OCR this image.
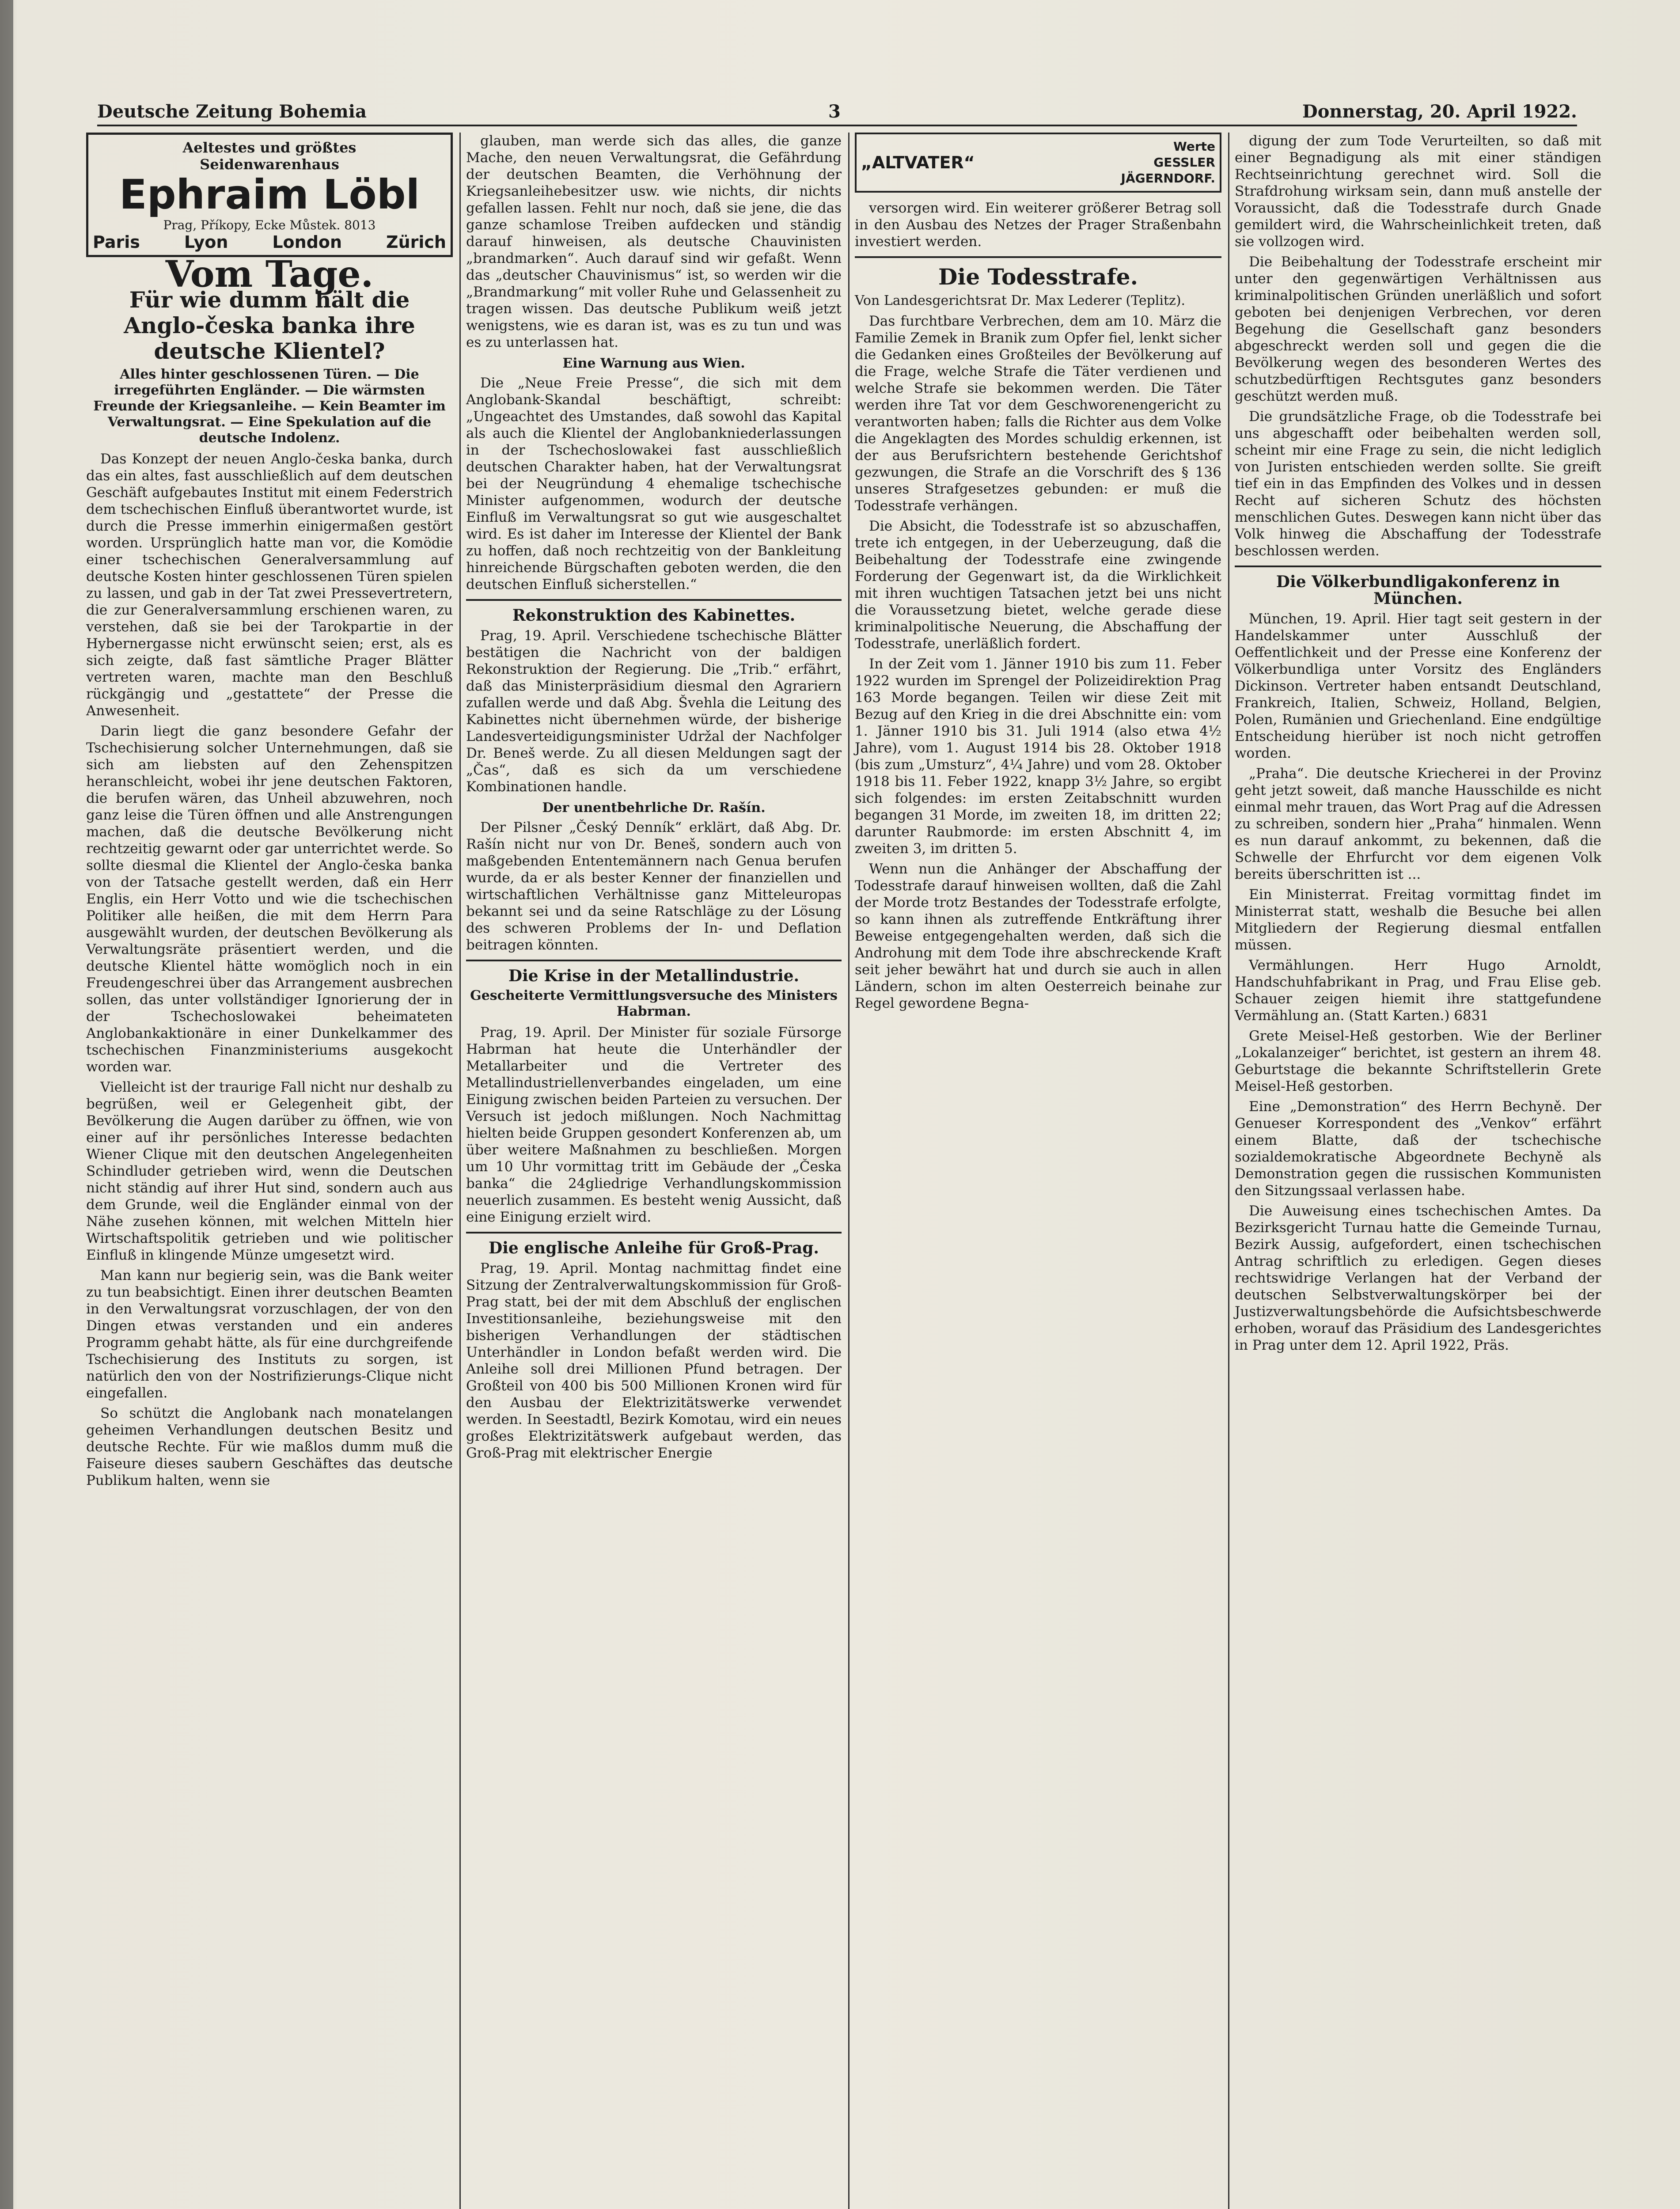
Deutsche Zeitung Bohemia	3	Donnerstag, 20. April 1922.
Aeltestes und größtes
Seidenwarenhaus
Ephraim Löbl
Prag, Příkopy, Ecke Můstek. 8013
Paris	Lyon	London	Zürich
Vom Tage.
Für wie dumm hält die Anglo-česka banka ihre deutsche Klientel?
Alles hinter geschlossenen Türen. — Die irregeführten Engländer. — Die wärmsten Freunde der Kriegsanleihe. — Kein Beamter im Verwaltungsrat. — Eine Spekulation auf die deutsche Indolenz.

Das Konzept der neuen Anglo-česka banka, durch das ein altes, fast ausschließlich auf dem deutschen Geschäft aufgebautes Institut mit einem Federstrich dem tschechischen Einfluß überantwortet wurde, ist durch die Presse immerhin einigermaßen gestört worden. Ursprünglich hatte man vor, die Komödie einer tschechischen Generalversammlung auf deutsche Kosten hinter geschlossenen Türen spielen zu lassen, und gab in der Tat zwei Pressevertretern, die zur Generalversammlung erschienen waren, zu verstehen, daß sie bei der Tarokpartie in der Hybernergasse nicht erwünscht seien; erst, als es sich zeigte, daß fast sämtliche Prager Blätter vertreten waren, machte man den Beschluß rückgängig und „gestattete“ der Presse die Anwesenheit.

Darin liegt die ganz besondere Gefahr der Tschechisierung solcher Unternehmungen, daß sie sich am liebsten auf den Zehenspitzen heranschleicht, wobei ihr jene deutschen Faktoren, die berufen wären, das Unheil abzuwehren, noch ganz leise die Türen öffnen und alle Anstrengungen machen, daß die deutsche Bevölkerung nicht rechtzeitig gewarnt oder gar unterrichtet werde. So sollte diesmal die Klientel der Anglo-česka banka von der Tatsache gestellt werden, daß ein Herr Englis, ein Herr Votto und wie die tschechischen Politiker alle heißen, die mit dem Herrn Para ausgewählt wurden, der deutschen Bevölkerung als Verwaltungsräte präsentiert werden, und die deutsche Klientel hätte womöglich noch in ein Freudengeschrei über das Arrangement ausbrechen sollen, das unter vollständiger Ignorierung der in der Tschechoslowakei beheimateten Anglobankaktionäre in einer Dunkelkammer des tschechischen Finanzministeriums ausgekocht worden war.

Vielleicht ist der traurige Fall nicht nur deshalb zu begrüßen, weil er Gelegenheit gibt, der Bevölkerung die Augen darüber zu öffnen, wie von einer auf ihr persönliches Interesse bedachten Wiener Clique mit den deutschen Angelegenheiten Schindluder getrieben wird, wenn die Deutschen nicht ständig auf ihrer Hut sind, sondern auch aus dem Grunde, weil die Engländer einmal von der Nähe zusehen können, mit welchen Mitteln hier Wirtschaftspolitik getrieben und wie politischer Einfluß in klingende Münze umgesetzt wird.

Man kann nur begierig sein, was die Bank weiter zu tun beabsichtigt. Einen ihrer deutschen Beamten in den Verwaltungsrat vorzuschlagen, der von den Dingen etwas verstanden und ein anderes Programm gehabt hätte, als für eine durchgreifende Tschechisierung des Instituts zu sorgen, ist natürlich den von der Nostrifizierungs-Clique nicht eingefallen.

So schützt die Anglobank nach monatelangen geheimen Verhandlungen deutschen Besitz und deutsche Rechte. Für wie maßlos dumm muß die Faiseure dieses saubern Geschäftes das deutsche Publikum halten, wenn sie

glauben, man werde sich das alles, die ganze Mache, den neuen Verwaltungsrat, die Gefährdung der deutschen Beamten, die Verhöhnung der Kriegsanleihebesitzer usw. wie nichts, dir nichts gefallen lassen. Fehlt nur noch, daß sie jene, die das ganze schamlose Treiben aufdecken und ständig darauf hinweisen, als deutsche Chauvinisten „brandmarken“. Auch darauf sind wir gefaßt. Wenn das „deutscher Chauvinismus“ ist, so werden wir die „Brandmarkung“ mit voller Ruhe und Gelassenheit zu tragen wissen. Das deutsche Publikum weiß jetzt wenigstens, wie es daran ist, was es zu tun und was es zu unterlassen hat.

Eine Warnung aus Wien.

Die „Neue Freie Presse“, die sich mit dem Anglobank-Skandal beschäftigt, schreibt: „Ungeachtet des Umstandes, daß sowohl das Kapital als auch die Klientel der Anglobankniederlassungen in der Tschechoslowakei fast ausschließlich deutschen Charakter haben, hat der Verwaltungsrat bei der Neugründung 4 ehemalige tschechische Minister aufgenommen, wodurch der deutsche Einfluß im Verwaltungsrat so gut wie ausgeschaltet wird. Es ist daher im Interesse der Klientel der Bank zu hoffen, daß noch rechtzeitig von der Bankleitung hinreichende Bürgschaften geboten werden, die den deutschen Einfluß sicherstellen.“

Rekonstruktion des Kabinettes.

Prag, 19. April. Verschiedene tschechische Blätter bestätigen die Nachricht von der baldigen Rekonstruktion der Regierung. Die „Trib.“ erfährt, daß das Ministerpräsidium diesmal den Agrariern zufallen werde und daß Abg. Švehla die Leitung des Kabinettes nicht übernehmen würde, der bisherige Landesverteidigungsminister Udržal der Nachfolger Dr. Beneš werde. Zu all diesen Meldungen sagt der „Čas“, daß es sich da um verschiedene Kombinationen handle.

Der unentbehrliche Dr. Rašín.

Der Pilsner „Český Denník“ erklärt, daß Abg. Dr. Rašín nicht nur von Dr. Beneš, sondern auch von maßgebenden Ententemännern nach Genua berufen wurde, da er als bester Kenner der finanziellen und wirtschaftlichen Verhältnisse ganz Mitteleuropas bekannt sei und da seine Ratschläge zu der Lösung des schweren Problems der In- und Deflation beitragen könnten.

Die Krise in der Metallindustrie.
Gescheiterte Vermittlungsversuche des Ministers Habrman.

Prag, 19. April. Der Minister für soziale Fürsorge Habrman hat heute die Unterhändler der Metallarbeiter und die Vertreter des Metallindustriellenverbandes eingeladen, um eine Einigung zwischen beiden Parteien zu versuchen. Der Versuch ist jedoch mißlungen. Noch Nachmittag hielten beide Gruppen gesondert Konferenzen ab, um über weitere Maßnahmen zu beschließen. Morgen um 10 Uhr vormittag tritt im Gebäude der „Česka banka“ die 24gliedrige Verhandlungskommission neuerlich zusammen. Es besteht wenig Aussicht, daß eine Einigung erzielt wird.

Die englische Anleihe für Groß-Prag.

Prag, 19. April. Montag nachmittag findet eine Sitzung der Zentralverwaltungskommission für Groß-Prag statt, bei der mit dem Abschluß der englischen Investitionsanleihe, beziehungsweise mit den bisherigen Verhandlungen der städtischen Unterhändler in London befaßt werden wird. Die Anleihe soll drei Millionen Pfund betragen. Der Großteil von 400 bis 500 Millionen Kronen wird für den Ausbau der Elektrizitätswerke verwendet werden. In Seestadtl, Bezirk Komotau, wird ein neues großes Elektrizitätswerk aufgebaut werden, das Groß-Prag mit elektrischer Energie

„ALTVATER“
Werte
GESSLER
JÄGERNDORF.

versorgen wird. Ein weiterer größerer Betrag soll in den Ausbau des Netzes der Prager Straßenbahn investiert werden.

Die Todesstrafe.

Von Landesgerichtsrat Dr. Max Lederer (Teplitz).

Das furchtbare Verbrechen, dem am 10. März die Familie Zemek in Branik zum Opfer fiel, lenkt sicher die Gedanken eines Großteiles der Bevölkerung auf die Frage, welche Strafe die Täter verdienen und welche Strafe sie bekommen werden. Die Täter werden ihre Tat vor dem Geschworenengericht zu verantworten haben; falls die Richter aus dem Volke die Angeklagten des Mordes schuldig erkennen, ist der aus Berufsrichtern bestehende Gerichtshof gezwungen, die Strafe an die Vorschrift des § 136 unseres Strafgesetzes gebunden: er muß die Todesstrafe verhängen.

Die Absicht, die Todesstrafe ist so abzuschaffen, trete ich entgegen, in der Ueberzeugung, daß die Beibehaltung der Todesstrafe eine zwingende Forderung der Gegenwart ist, da die Wirklichkeit mit ihren wuchtigen Tatsachen jetzt bei uns nicht die Voraussetzung bietet, welche gerade diese kriminalpolitische Neuerung, die Abschaffung der Todesstrafe, unerläßlich fordert.

In der Zeit vom 1. Jänner 1910 bis zum 11. Feber 1922 wurden im Sprengel der Polizeidirektion Prag 163 Morde begangen. Teilen wir diese Zeit mit Bezug auf den Krieg in die drei Abschnitte ein: vom 1. Jänner 1910 bis 31. Juli 1914 (also etwa 4½ Jahre), vom 1. August 1914 bis 28. Oktober 1918 (bis zum „Umsturz“, 4¼ Jahre) und vom 28. Oktober 1918 bis 11. Feber 1922, knapp 3½ Jahre, so ergibt sich folgendes: im ersten Zeitabschnitt wurden begangen 31 Morde, im zweiten 18, im dritten 22; darunter Raubmorde: im ersten Abschnitt 4, im zweiten 3, im dritten 5.

Wenn nun die Anhänger der Abschaffung der Todesstrafe darauf hinweisen wollten, daß die Zahl der Morde trotz Bestandes der Todesstrafe erfolgte, so kann ihnen als zutreffende Entkräftung ihrer Beweise entgegengehalten werden, daß sich die Androhung mit dem Tode ihre abschreckende Kraft seit jeher bewährt hat und durch sie auch in allen Ländern, schon im alten Oesterreich beinahe zur Regel gewordene Begna-

digung der zum Tode Verurteilten, so daß mit einer Begnadigung als mit einer ständigen Rechtseinrichtung gerechnet wird. Soll die Strafdrohung wirksam sein, dann muß anstelle der Voraussicht, daß die Todesstrafe durch Gnade gemildert wird, die Wahrscheinlichkeit treten, daß sie vollzogen wird.

Die Beibehaltung der Todesstrafe erscheint mir unter den gegenwärtigen Verhältnissen aus kriminalpolitischen Gründen unerläßlich und sofort geboten bei denjenigen Verbrechen, vor deren Begehung die Gesellschaft ganz besonders abgeschreckt werden soll und gegen die die Bevölkerung wegen des besonderen Wertes des schutzbedürftigen Rechtsgutes ganz besonders geschützt werden muß.

Die grundsätzliche Frage, ob die Todesstrafe bei uns abgeschafft oder beibehalten werden soll, scheint mir eine Frage zu sein, die nicht lediglich von Juristen entschieden werden sollte. Sie greift tief ein in das Empfinden des Volkes und in dessen Recht auf sicheren Schutz des höchsten menschlichen Gutes. Deswegen kann nicht über das Volk hinweg die Abschaffung der Todesstrafe beschlossen werden.

Die Völkerbundligakonferenz in München.

München, 19. April. Hier tagt seit gestern in der Handelskammer unter Ausschluß der Oeffentlichkeit und der Presse eine Konferenz der Völkerbundliga unter Vorsitz des Engländers Dickinson. Vertreter haben entsandt Deutschland, Frankreich, Italien, Schweiz, Holland, Belgien, Polen, Rumänien und Griechenland. Eine endgültige Entscheidung hierüber ist noch nicht getroffen worden.

„Praha“. Die deutsche Kriecherei in der Provinz geht jetzt soweit, daß manche Hausschilde es nicht einmal mehr trauen, das Wort Prag auf die Adressen zu schreiben, sondern hier „Praha“ hinmalen. Wenn es nun darauf ankommt, zu bekennen, daß die Schwelle der Ehrfurcht vor dem eigenen Volk bereits überschritten ist ...

Ein Ministerrat. Freitag vormittag findet im Ministerrat statt, weshalb die Besuche bei allen Mitgliedern der Regierung diesmal entfallen müssen.

Vermählungen. Herr Hugo Arnoldt, Handschuhfabrikant in Prag, und Frau Elise geb. Schauer zeigen hiemit ihre stattgefundene Vermählung an. (Statt Karten.) 6831

Grete Meisel-Heß gestorben. Wie der Berliner „Lokalanzeiger“ berichtet, ist gestern an ihrem 48. Geburtstage die bekannte Schriftstellerin Grete Meisel-Heß gestorben.

Eine „Demonstration“ des Herrn Bechyně. Der Genueser Korrespondent des „Venkov“ erfährt einem Blatte, daß der tschechische sozialdemokratische Abgeordnete Bechyně als Demonstration gegen die russischen Kommunisten den Sitzungssaal verlassen habe.

Die Auweisung eines tschechischen Amtes. Da Bezirksgericht Turnau hatte die Gemeinde Turnau, Bezirk Aussig, aufgefordert, einen tschechischen Antrag schriftlich zu erledigen. Gegen dieses rechtswidrige Verlangen hat der Verband der deutschen Selbstverwaltungskörper bei der Justizverwaltungsbehörde die Aufsichtsbeschwerde erhoben, worauf das Präsidium des Landesgerichtes in Prag unter dem 12. April 1922, Präs.
